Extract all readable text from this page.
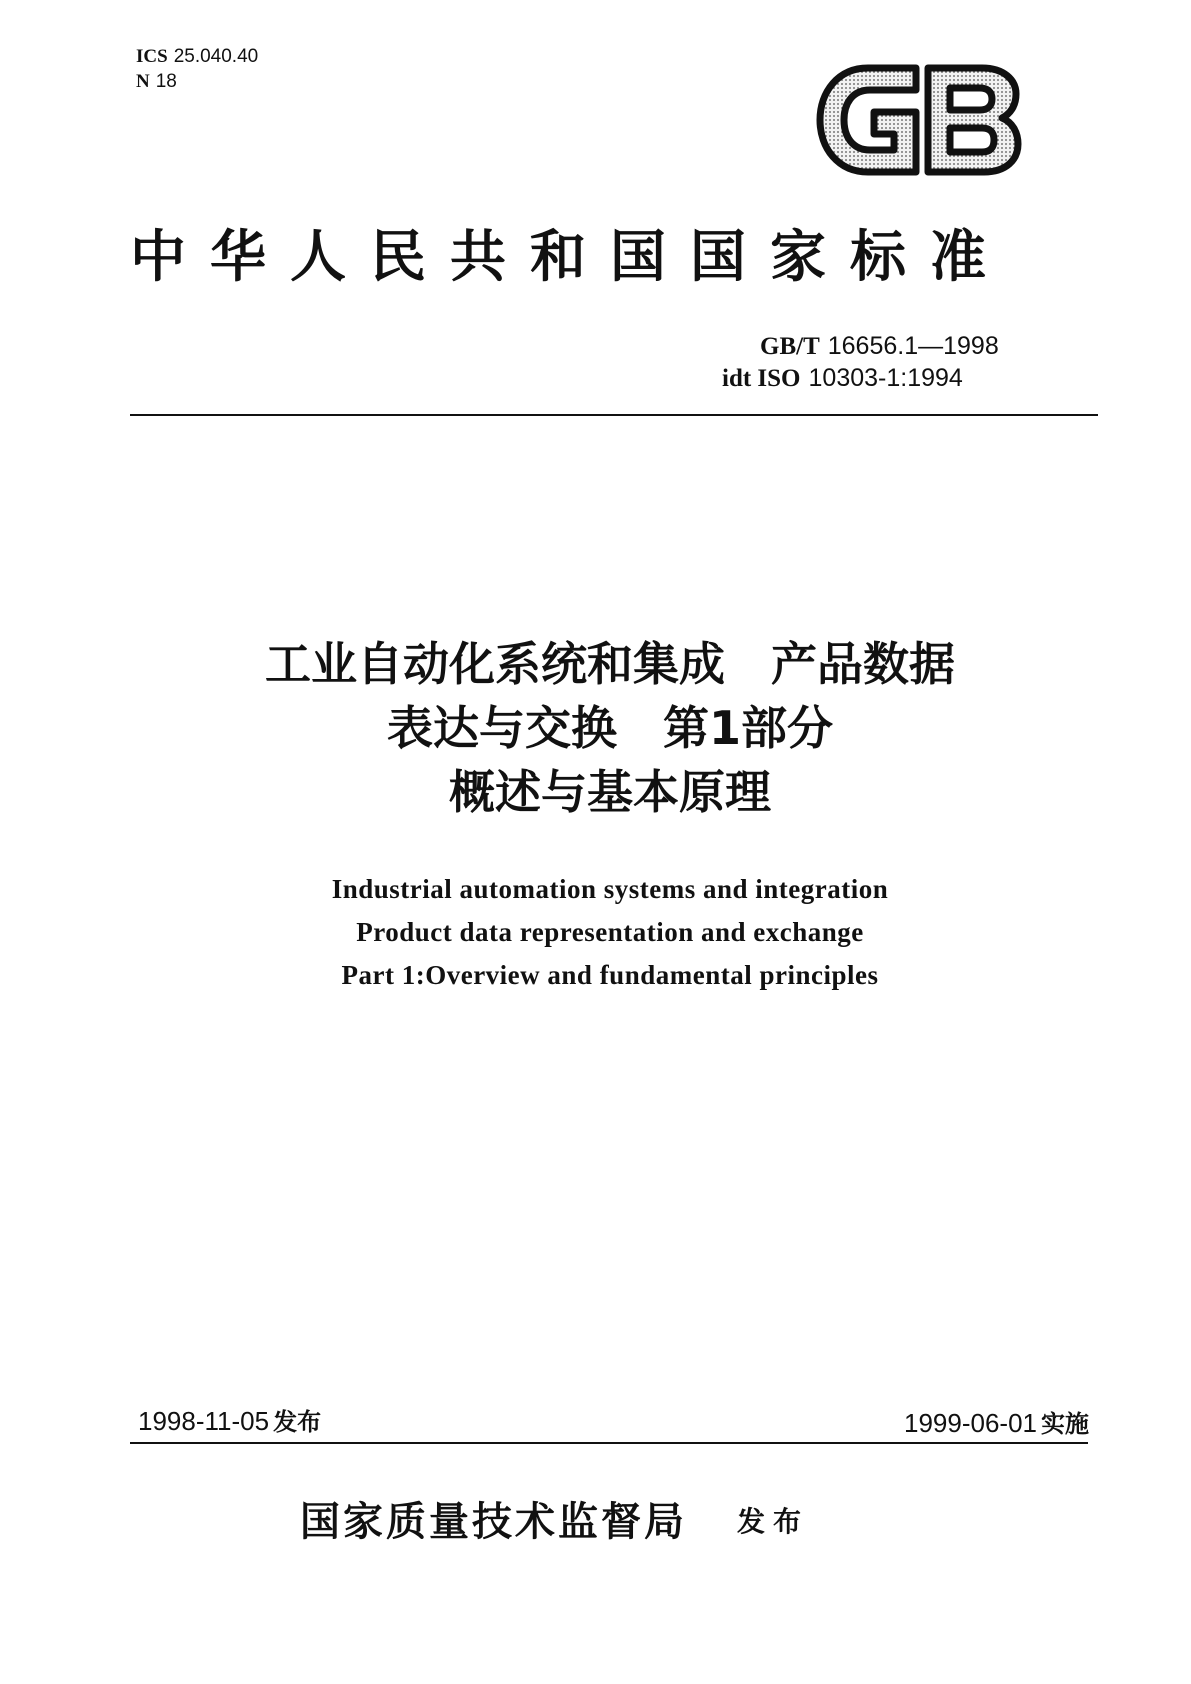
ICS 25.040.40
N 18
中华人民共和国国家标准
GB/T 16656.1—1998
idt ISO 10303-1:1994
工业自动化系统和集成　产品数据
表达与交换　第1部分
概述与基本原理
Industrial automation systems and integration
Product data representation and exchange
Part 1:Overview and fundamental principles
1998-11-05 发布	1999-06-01 实施
国家质量技术监督局 发布
